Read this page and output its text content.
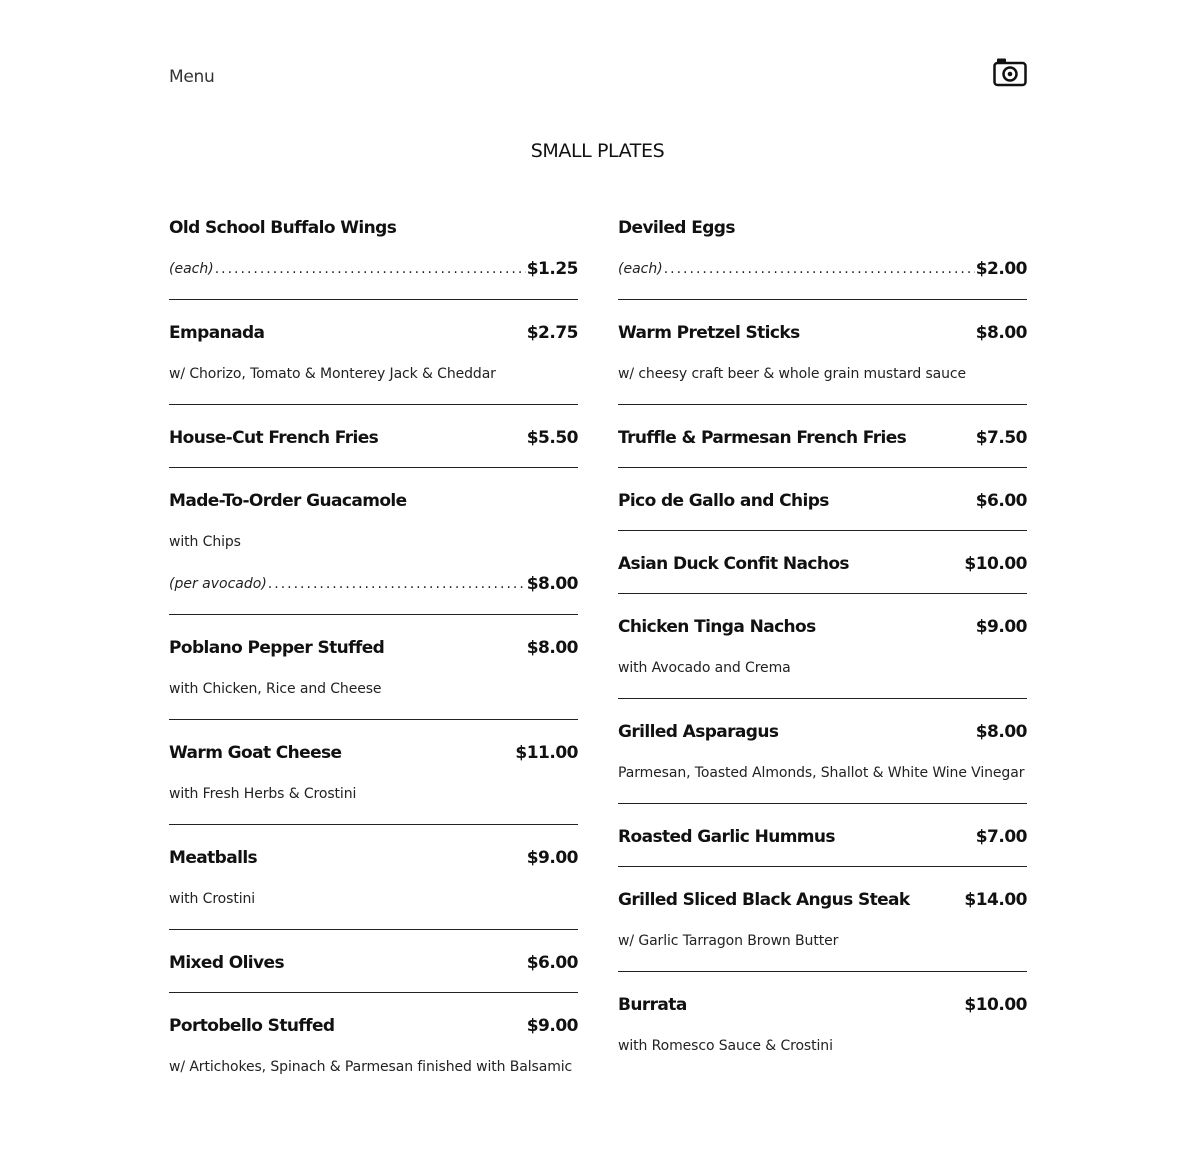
Menu
SMALL PLATES
Old School Buffalo Wings
(each) .....	$1.25
Empanada	$2.75
w/ Chorizo, Tomato & Monterey Jack & Cheddar
House-Cut French Fries	$5.50
Made-To-Order Guacamole
with Chips
(per avocado) .....	$8.00
Poblano Pepper Stuffed	$8.00
with Chicken, Rice and Cheese
Warm Goat Cheese	$11.00
with Fresh Herbs & Crostini
Meatballs	$9.00
with Crostini
Mixed Olives	$6.00
Portobello Stuffed	$9.00
w/ Artichokes, Spinach & Parmesan finished with Balsamic
Deviled Eggs
(each) .....	$2.00
Warm Pretzel Sticks	$8.00
w/ cheesy craft beer & whole grain mustard sauce
Truffle & Parmesan French Fries	$7.50
Pico de Gallo and Chips	$6.00
Asian Duck Confit Nachos	$10.00
Chicken Tinga Nachos	$9.00
with Avocado and Crema
Grilled Asparagus	$8.00
Parmesan, Toasted Almonds, Shallot & White Wine Vinegar
Roasted Garlic Hummus	$7.00
Grilled Sliced Black Angus Steak	$14.00
w/ Garlic Tarragon Brown Butter
Burrata	$10.00
with Romesco Sauce & Crostini
